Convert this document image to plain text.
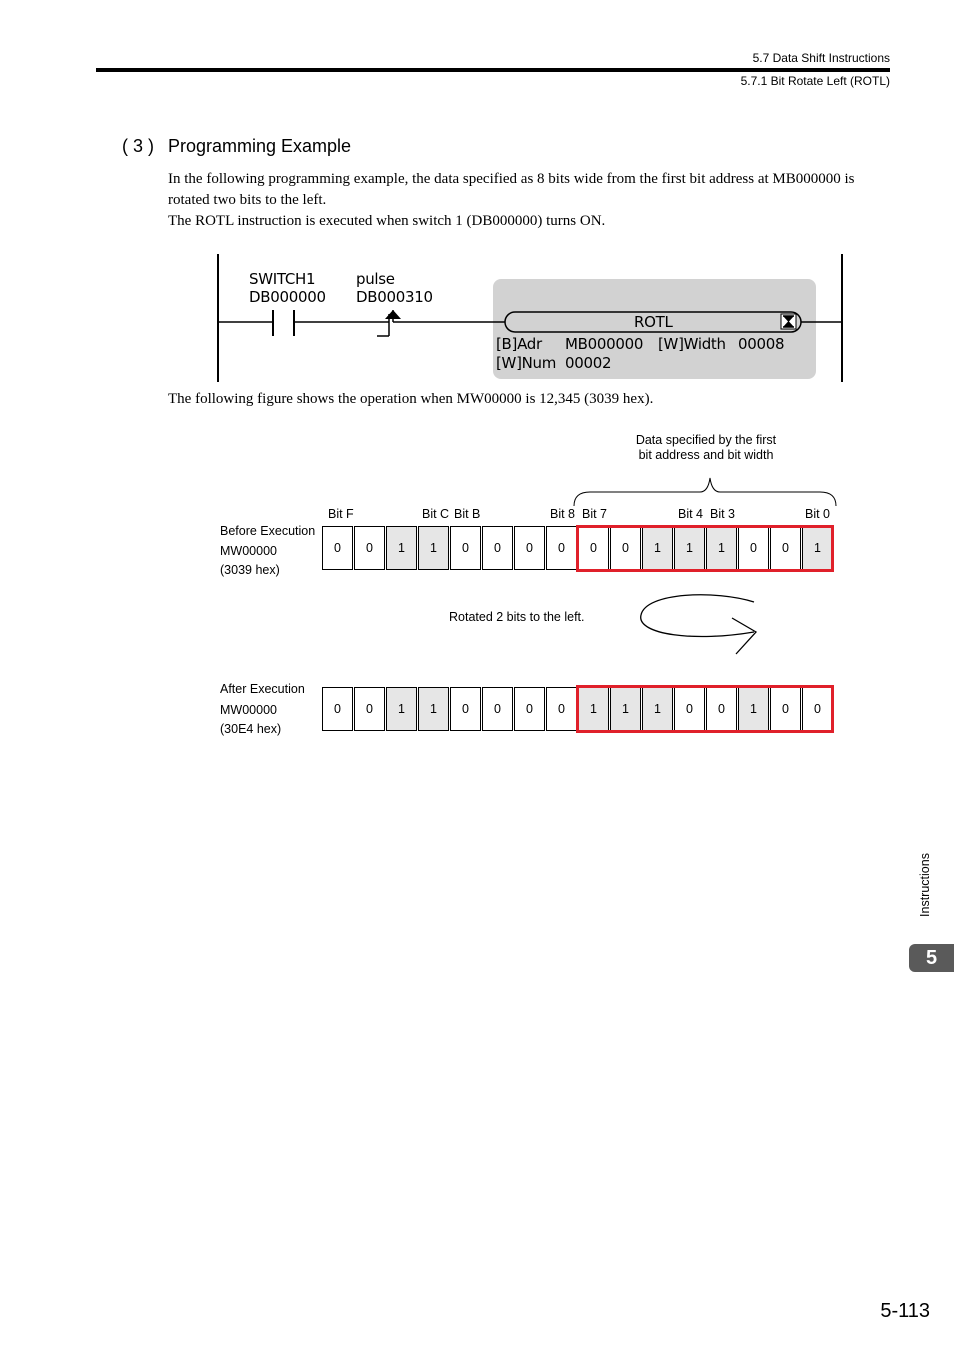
5.7 Data Shift Instructions
5.7.1 Bit Rotate Left (ROTL)
( 3 ) Programming Example
In the following programming example, the data specified as 8 bits wide from the first bit address at MB000000 is rotated two bits to the left.
The ROTL instruction is executed when switch 1 (DB000000) turns ON.
SWITCH1
DB000000
pulse
DB000310
ROTL
[B]Adr MB000000 [W]Width 00008
[W]Num 00002
The following figure shows the operation when MW00000 is 12,345 (3039 hex).
Data specified by the first
bit address and bit width
Bit F	Bit C Bit B	Bit 8 Bit 7	Bit 4 Bit 3	Bit 0
Before Execution
MW00000
(3039 hex)
0	0	1	1	0	0	0	0	0	0	1	1	1	0	0	1
Rotated 2 bits to the left.
After Execution
MW00000
(30E4 hex)
0	0	1	1	0	0	0	0	1	1	1	0	0	1	0	0
Instructions
5
5-113
